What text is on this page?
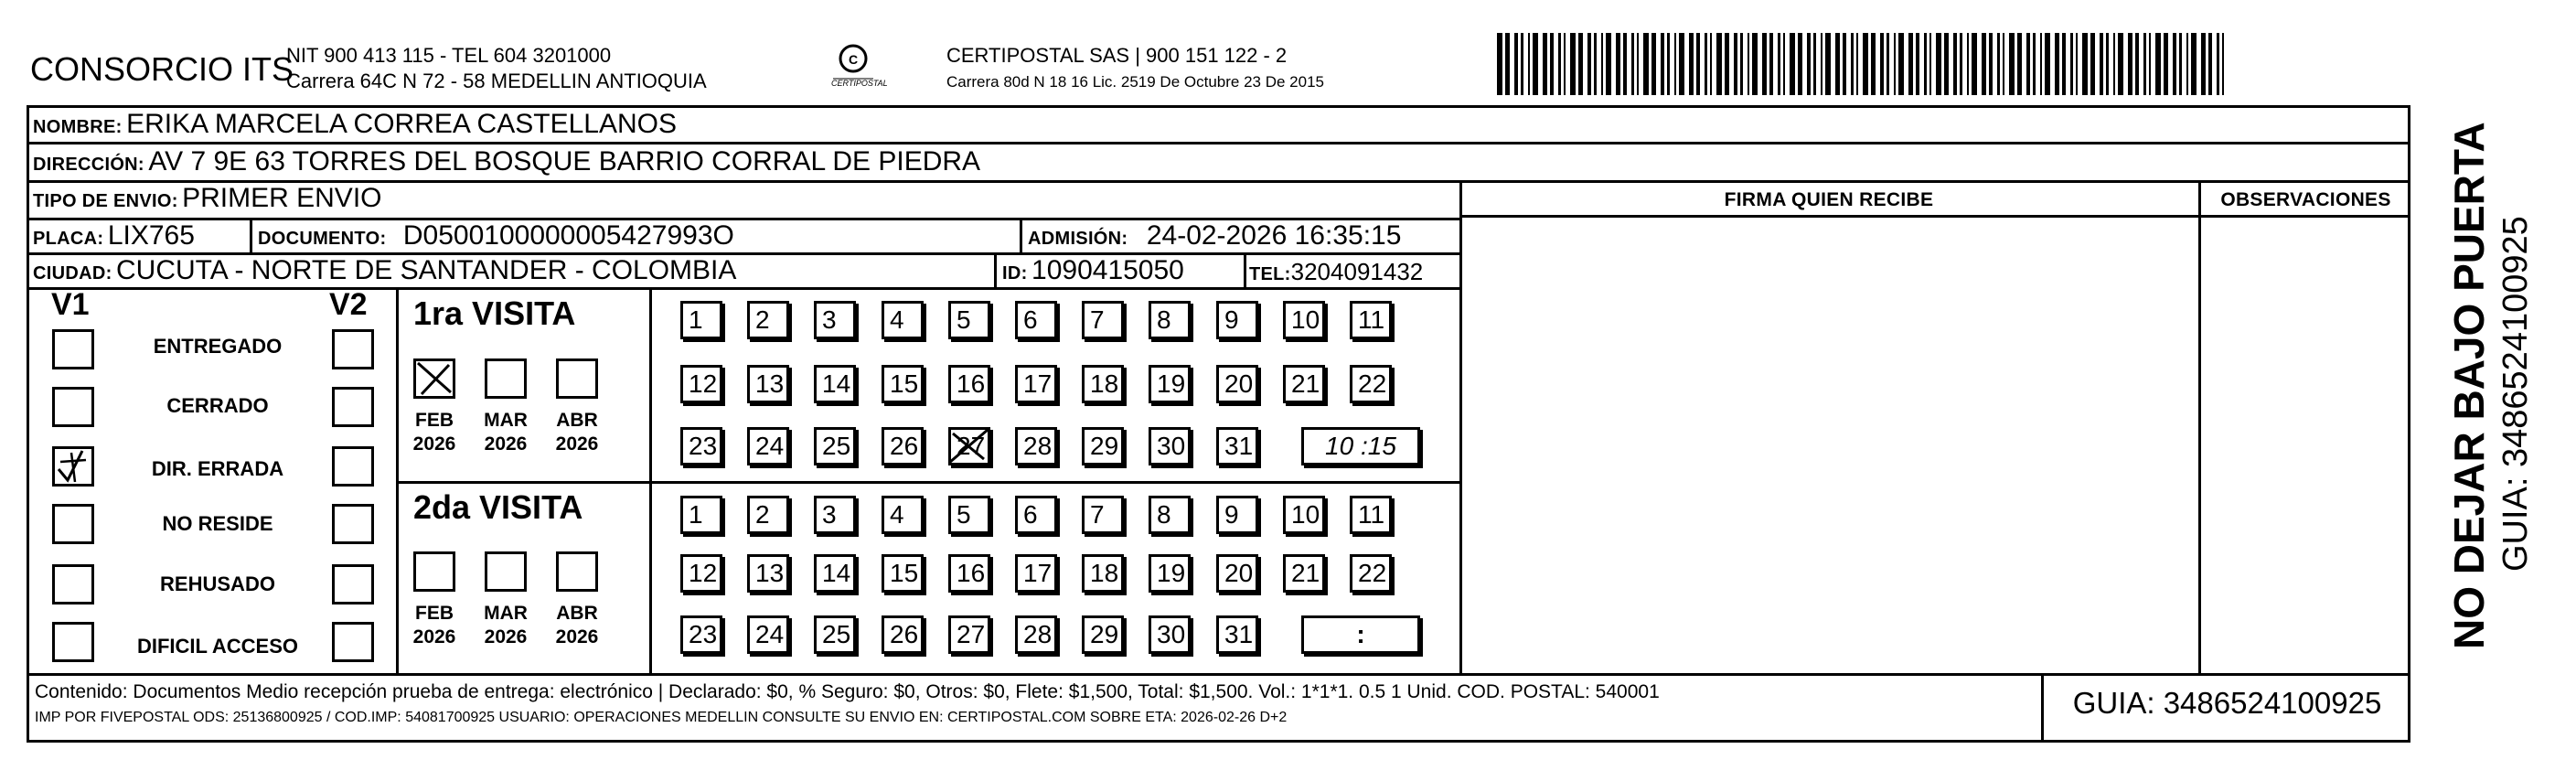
CONSORCIO ITS
NIT 900 413 115 - TEL 604 3201000
Carrera 64C N 72 - 58 MEDELLIN ANTIOQUIA
C
CERTIPOSTAL
CERTIPOSTAL SAS | 900 151 122 - 2
Carrera 80d N 18 16 Lic. 2519 De Octubre 23 De 2015
NOMBRE: ERIKA MARCELA CORREA CASTELLANOS
DIRECCIÓN: AV 7 9E 63 TORRES DEL BOSQUE BARRIO CORRAL DE PIEDRA
TIPO DE ENVIO: PRIMER ENVIO	FIRMA QUIEN RECIBE	OBSERVACIONES
PLACA: LIX765	DOCUMENTO: D0500100000005427993O	ADMISIÓN: 24-02-2026 16:35:15
CIUDAD: CUCUTA - NORTE DE SANTANDER - COLOMBIA	ID: 1090415050	TEL:3204091432
V1	V2
ENTREGADO
CERRADO
DIR. ERRADA
NO RESIDE
REHUSADO
DIFICIL ACCESO
1ra VISITA
FEB
2026
MAR
2026
ABR
2026
1	2	3	4	5	6	7	8	9	10	11
12	13	14	15	16	17	18	19	20	21	22
23	24	25	26	27	28	29	30	31	10 :15
2da VISITA
FEB
2026
MAR
2026
ABR
2026
1	2	3	4	5	6	7	8	9	10	11
12	13	14	15	16	17	18	19	20	21	22
23	24	25	26	27	28	29	30	31	:
Contenido: Documentos Medio recepción prueba de entrega: electrónico | Declarado: $0, % Seguro: $0, Otros: $0, Flete: $1,500, Total: $1,500. Vol.: 1*1*1. 0.5 1 Unid. COD. POSTAL: 540001
IMP POR FIVEPOSTAL ODS: 25136800925 / COD.IMP: 54081700925 USUARIO: OPERACIONES MEDELLIN CONSULTE SU ENVIO EN: CERTIPOSTAL.COM SOBRE ETA: 2026-02-26 D+2	GUIA: 3486524100925
NO DEJAR BAJO PUERTA GUIA: 3486524100925
